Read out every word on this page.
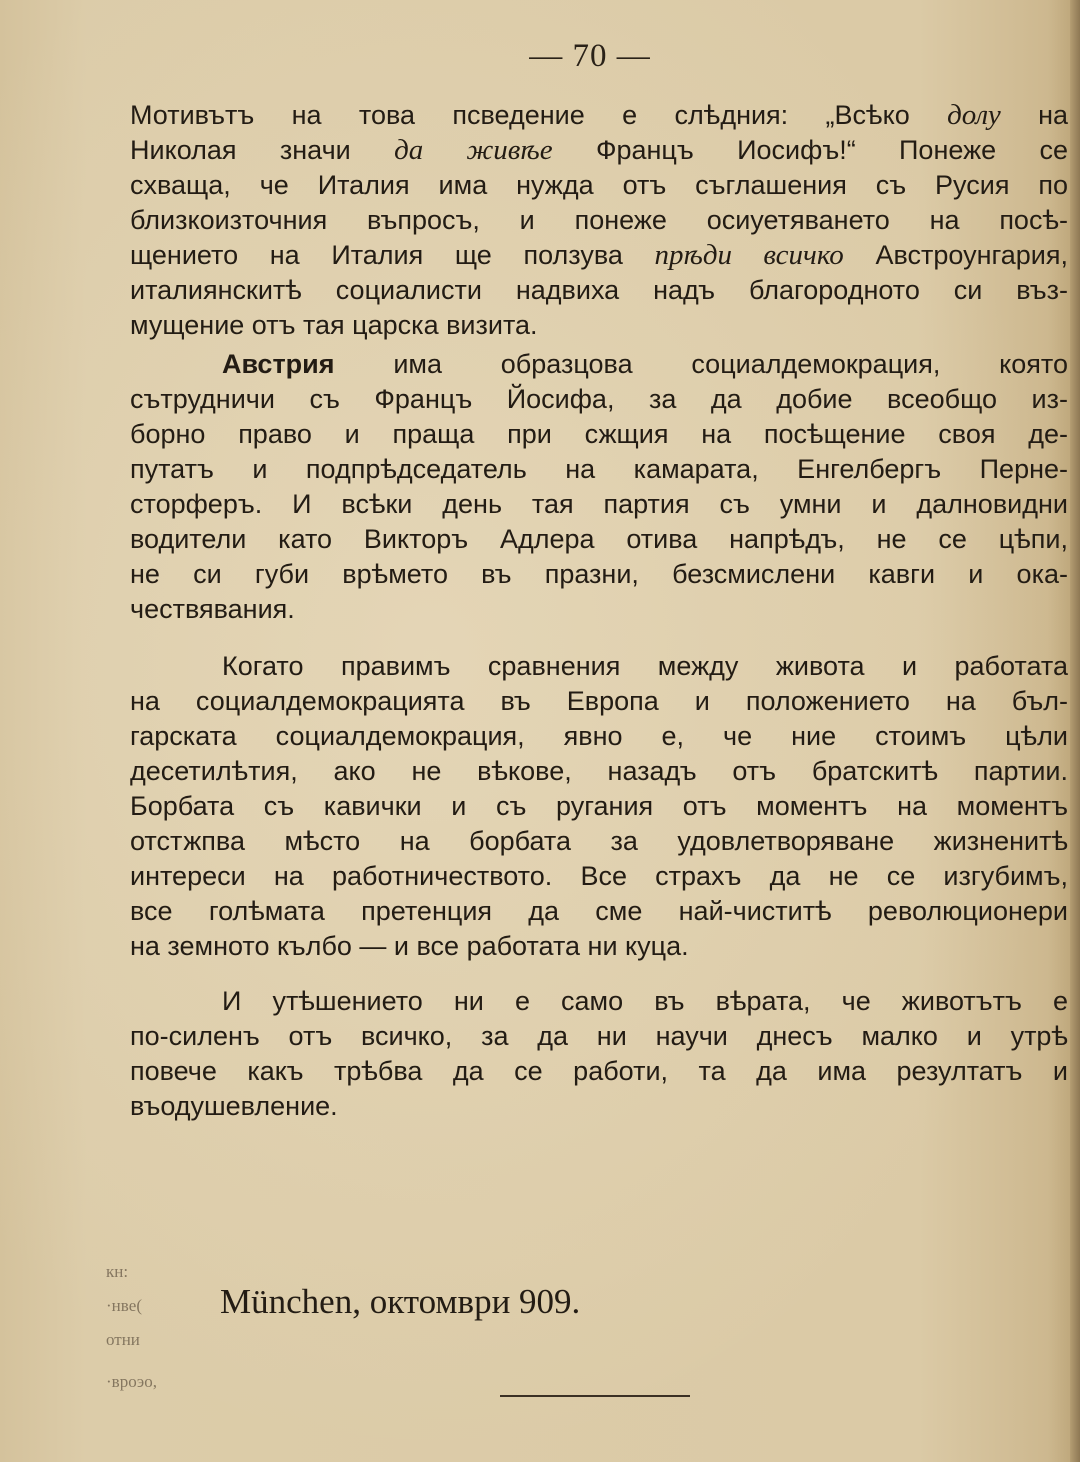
— 70 —

Мотивътъ на това псведение е слѣдния: „Всѣко долу на
Николая значи да живѣе Францъ Иосифъ!“ Понеже се
схваща, че Италия има нужда отъ съглашения съ Русия по
близкоизточния въпросъ, и понеже осиуетяването на посѣ-
щението на Италия ще ползува прѣди всичко Австроунгария,
италиянскитѣ социалисти надвиха надъ благородното си въз-
мущение отъ тая царска визита.

Австрия има образцова социалдемокрация, която
сътрудничи съ Францъ Йосифа, за да добие всеобщо из-
борно право и праща при сжщия на посѣщение своя де-
путатъ и подпрѣдседатель на камарата, Енгелбергъ Перне-
сторферъ. И всѣки день тая партия съ умни и далновидни
водители като Викторъ Адлера отива напрѣдъ, не се цѣпи,
не си губи врѣмето въ празни, безсмислени кавги и ока-
чествявания.

Когато правимъ сравнения между живота и работата
на социалдемокрацията въ Европа и положението на бъл-
гарската социалдемокрация, явно е, че ние стоимъ цѣли
десетилѣтия, ако не вѣкове, назадъ отъ братскитѣ партии.
Борбата съ кавички и съ ругания отъ моментъ на моментъ
отстжпва мѣсто на борбата за удовлетворяване жизненитѣ
интереси на работничеството. Все страхъ да не се изгубимъ,
все голѣмата претенция да сме най-чиститѣ революционери
на земното кълбо — и все работата ни куца.

И утѣшението ни е само въ вѣрата, че животътъ е
по-силенъ отъ всичко, за да ни научи днесъ малко и утрѣ
повече какъ трѣбва да се работи, та да има резултатъ и
въодушевление.

München, октомври 909.
кн:
·нвe(
отни
·вроэо,
